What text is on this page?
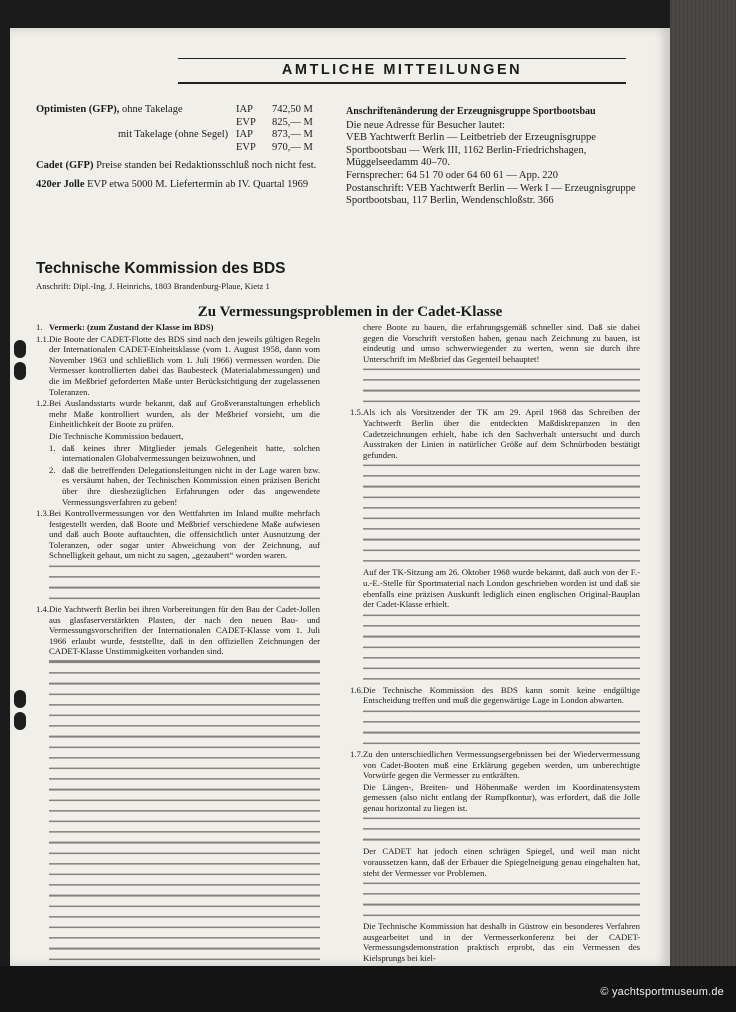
AMTLICHE MITTEILUNGEN
Optimisten (GFP), ohne Takelage	IAP 742,50 M
EVP 825,— M
mit Takelage (ohne Segel) IAP 873,— M
EVP 970,— M
Cadet (GFP) Preise standen bei Redaktionsschluß noch nicht fest.
420er Jolle EVP etwa 5000 M. Liefertermin ab IV. Quartal 1969
Anschriftenänderung der Erzeugnisgruppe Sportbootsbau
Die neue Adresse für Besucher lautet:
VEB Yachtwerft Berlin — Leitbetrieb der Erzeugnisgruppe Sportbootsbau — Werk III, 1162 Berlin-Friedrichshagen, Müggelseedamm 40–70.
Fernsprecher: 64 51 70 oder 64 60 61 — App. 220
Postanschrift: VEB Yachtwerft Berlin — Werk I — Erzeugnisgruppe Sportbootsbau, 117 Berlin, Wendenschloßstr. 366
Technische Kommission des BDS
Anschrift: Dipl.-Ing. J. Heinrichs, 1803 Brandenburg-Plaue, Kietz 1
Zu Vermessungsproblemen in der Cadet-Klasse
1. Vermerk: (zum Zustand der Klasse im BDS)
1.1. Die Boote der CADET-Flotte des BDS sind nach den jeweils gültigen Regeln der Internationalen CADET-Einheitsklasse (vom 1. August 1958, dann vom November 1963 und schließlich vom 1. Juli 1966) vermessen worden. Die Vermesser kontrollierten dabei das Baubesteck (Materialabmessungen) und die im Meßbrief geforderten Maße unter Berücksichtigung der zugelassenen Toleranzen.
1.2. Bei Auslandsstarts wurde bekannt, daß auf Großveranstaltungen erheblich mehr Maße kontrolliert wurden, als der Meßbrief vorsieht, um die Einheitlichkeit der Boote zu prüfen.
Die Technische Kommission bedauert,
1. daß keines ihrer Mitglieder jemals Gelegenheit hatte, solchen internationalen Globalvermessungen beizuwohnen, und
2. daß die betreffenden Delegationsleitungen nicht in der Lage waren bzw. es versäumt haben, der Technischen Kommission einen präzisen Bericht über ihre diesbezüglichen Erfahrungen oder das angewendete Vermessungsverfahren zu geben!
1.3. Bei Kontrollvermessungen vor den Wettfahrten im Inland mußte mehrfach festgestellt werden, daß Boote und Meßbrief verschiedene Maße aufwiesen und daß auch Boote auftauchten, die offensichtlich unter Ausnutzung der Toleranzen, oder sogar unter Abweichung von der Zeichnung, auf Schnelligkeit gebaut, um nicht zu sagen, „gezaubert“ worden waren.
1.4. Die Yachtwerft Berlin bei ihren Vorbereitungen für den Bau der Cadet-Jollen aus glasfaserverstärkten Plasten, der nach den neuen Bau- und Vermessungsvorschriften der Internationalen CADET-Klasse vom 1. Juli 1966 erlaubt wurde, feststellte, daß in den offiziellen Zeichnungen der CADET-Klasse Unstimmigkeiten vorhanden sind.
chere Boote zu bauen, die erfahrungsgemäß schneller sind. Daß sie dabei gegen die Vorschrift verstoßen haben, genau nach Zeichnung zu bauen, ist eindeutig und umso schwerwiegender zu werten, wenn sie durch ihre Unterschrift im Meßbrief das Gegenteil behauptet!
1.5. Als ich als Vorsitzender der TK am 29. April 1968 das Schreiben der Yachtwerft Berlin über die entdeckten Maßdiskrepanzen in den Cadetzeichnungen erhielt, habe ich den Sachverhalt untersucht und durch Ausstraken der Linien in natürlicher Größe auf dem Schnürboden bestätigt gefunden.
Auf der TK-Sitzung am 26. Oktober 1968 wurde bekannt, daß auch von der F.-u.-E.-Stelle für Sportmaterial nach London geschrieben worden ist und daß sie ebenfalls eine präzisen Auskunft lediglich einen englischen Original-Bauplan der Cadet-Klasse erhielt.
1.6. Die Technische Kommission des BDS kann somit keine endgültige Entscheidung treffen und muß die gegenwärtige Lage in London abwarten.
1.7. Zu den unterschiedlichen Vermessungsergebnissen bei der Wiedervermessung von Cadet-Booten muß eine Erklärung gegeben werden, um unberechtigte Vorwürfe gegen die Vermesser zu entkräften.
Die Längen-, Breiten- und Höhenmaße werden im Koordinatensystem gemessen (also nicht entlang der Rumpfkontur), was erfordert, daß die Jolle genau horizontal zu liegen ist.
Der CADET hat jedoch einen schrägen Spiegel, und weil man nicht voraussetzen kann, daß der Erbauer die Spiegelneigung genau eingehalten hat, steht der Vermesser vor Problemen.
Die Technische Kommission hat deshalb in Güstrow ein besonderes Verfahren ausgearbeitet und in der Vermesserkonferenz bei der CADET-Vermessungsdemonstration praktisch erprobt, das ein Vermessen des Kielsprungs bei kiel-
© yachtsportmuseum.de
